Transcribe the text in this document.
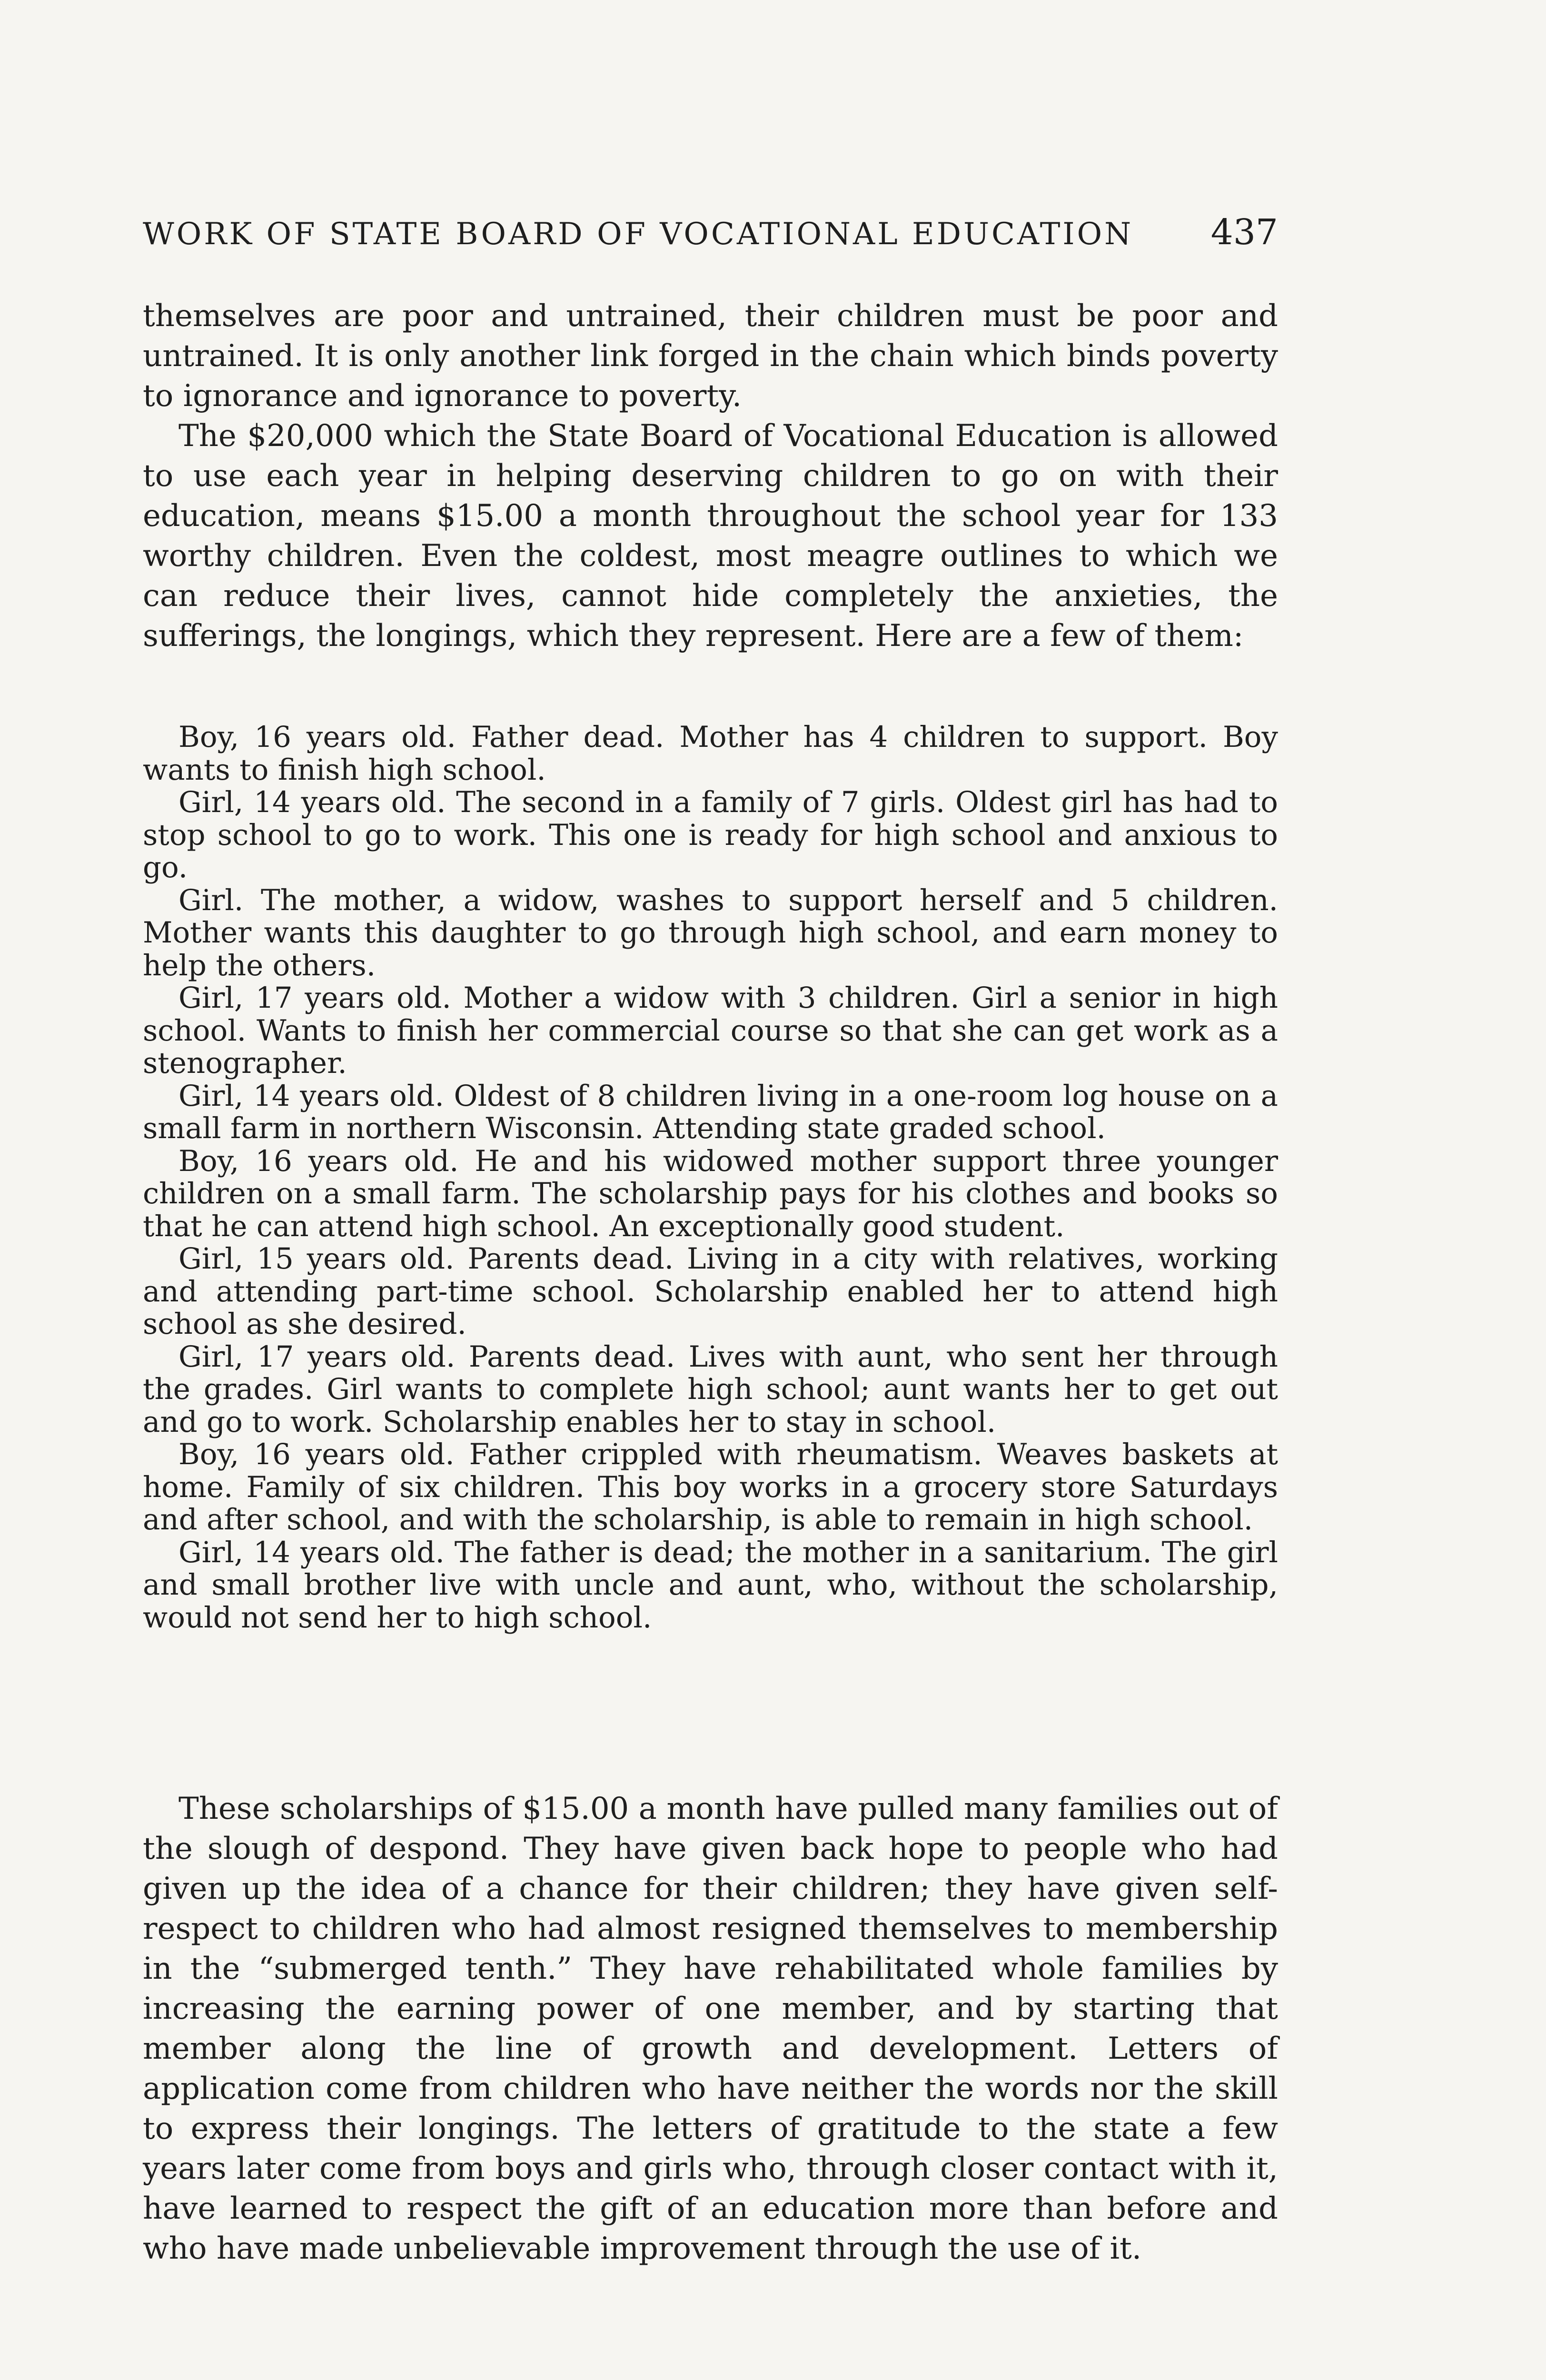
WORK OF STATE BOARD OF VOCATIONAL EDUCATION 437

themselves are poor and untrained, their children must be poor and untrained. It is only another link forged in the chain which binds poverty to ignorance and ignorance to poverty.

The $20,000 which the State Board of Vocational Education is allowed to use each year in helping deserving children to go on with their education, means $15.00 a month throughout the school year for 133 worthy children. Even the coldest, most meagre outlines to which we can reduce their lives, cannot hide completely the anxieties, the sufferings, the longings, which they represent. Here are a few of them:

Boy, 16 years old. Father dead. Mother has 4 children to support. Boy wants to finish high school.

Girl, 14 years old. The second in a family of 7 girls. Oldest girl has had to stop school to go to work. This one is ready for high school and anxious to go.

Girl. The mother, a widow, washes to support herself and 5 children. Mother wants this daughter to go through high school, and earn money to help the others.

Girl, 17 years old. Mother a widow with 3 children. Girl a senior in high school. Wants to finish her commercial course so that she can get work as a stenographer.

Girl, 14 years old. Oldest of 8 children living in a one-room log house on a small farm in northern Wisconsin. Attending state graded school.

Boy, 16 years old. He and his widowed mother support three younger children on a small farm. The scholarship pays for his clothes and books so that he can attend high school. An exceptionally good student.

Girl, 15 years old. Parents dead. Living in a city with relatives, working and attending part-time school. Scholarship enabled her to attend high school as she desired.

Girl, 17 years old. Parents dead. Lives with aunt, who sent her through the grades. Girl wants to complete high school; aunt wants her to get out and go to work. Scholarship enables her to stay in school.

Boy, 16 years old. Father crippled with rheumatism. Weaves baskets at home. Family of six children. This boy works in a grocery store Saturdays and after school, and with the scholarship, is able to remain in high school.

Girl, 14 years old. The father is dead; the mother in a sanitarium. The girl and small brother live with uncle and aunt, who, without the scholarship, would not send her to high school.

These scholarships of $15.00 a month have pulled many families out of the slough of despond. They have given back hope to people who had given up the idea of a chance for their children; they have given self-respect to children who had almost resigned themselves to membership in the “submerged tenth.” They have rehabilitated whole families by increasing the earning power of one member, and by starting that member along the line of growth and development. Letters of application come from children who have neither the words nor the skill to express their longings. The letters of gratitude to the state a few years later come from boys and girls who, through closer contact with it, have learned to respect the gift of an education more than before and who have made unbelievable improvement through the use of it.
